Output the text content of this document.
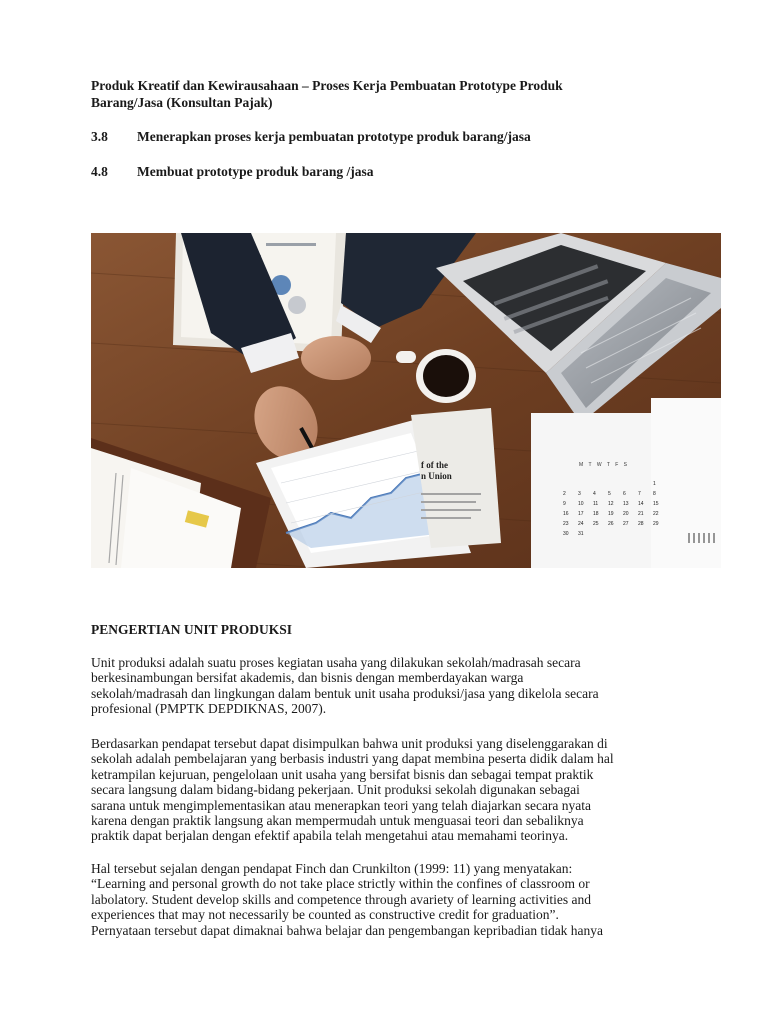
Produk Kreatif dan Kewirausahaan – Proses Kerja Pembuatan Prototype Produk
Barang/Jasa (Konsultan Pajak)
3.8 Menerapkan proses kerja pembuatan prototype produk barang/jasa
4.8 Membuat prototype produk barang /jasa
f of the
n Union
M T W T F S
1
2 3 4 5 6 7 8
9 10 11 12 13 14 15
16 17 18 19 20 21 22
23 24 25 26 27 28 29
30 31
PENGERTIAN UNIT PRODUKSI
Unit produksi adalah suatu proses kegiatan usaha yang dilakukan sekolah/madrasah secara
berkesinambungan bersifat akademis, dan bisnis dengan memberdayakan warga
sekolah/madrasah dan lingkungan dalam bentuk unit usaha produksi/jasa yang dikelola secara
profesional (PMPTK DEPDIKNAS, 2007).
Berdasarkan pendapat tersebut dapat disimpulkan bahwa unit produksi yang diselenggarakan di
sekolah adalah pembelajaran yang berbasis industri yang dapat membina peserta didik dalam hal
ketrampilan kejuruan, pengelolaan unit usaha yang bersifat bisnis dan sebagai tempat praktik
secara langsung dalam bidang-bidang pekerjaan. Unit produksi sekolah digunakan sebagai
sarana untuk mengimplementasikan atau menerapkan teori yang telah diajarkan secara nyata
karena dengan praktik langsung akan mempermudah untuk menguasai teori dan sebaliknya
praktik dapat berjalan dengan efektif apabila telah mengetahui atau memahami teorinya.
Hal tersebut sejalan dengan pendapat Finch dan Crunkilton (1999: 11) yang menyatakan:
“Learning and personal growth do not take place strictly within the confines of classroom or
labolatory. Student develop skills and competence through avariety of learning activities and
experiences that may not necessarily be counted as constructive credit for graduation”.
Pernyataan tersebut dapat dimaknai bahwa belajar dan pengembangan kepribadian tidak hanya
